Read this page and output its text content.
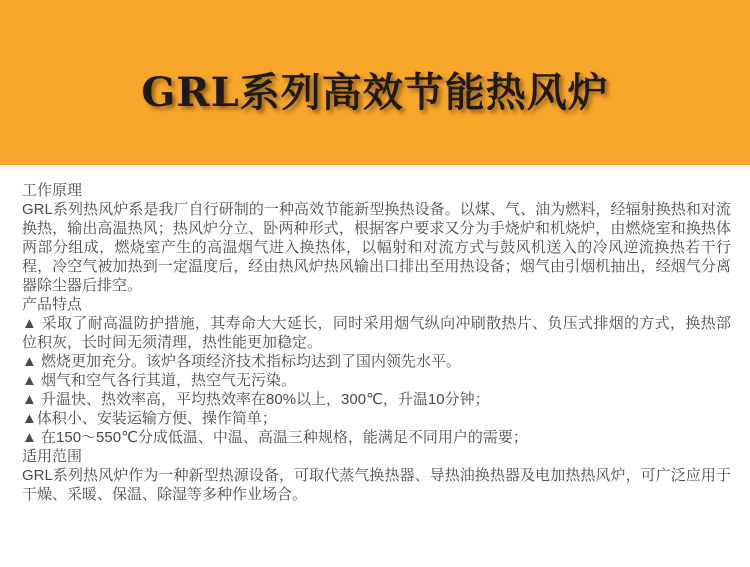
GRL系列高效节能热风炉
工作原理

GRL系列热风炉系是我厂自行研制的一种高效节能新型换热设备。以煤、气、油为燃料，经辐射换热和对流换热，输出高温热风；热风炉分立、卧两种形式，根据客户要求又分为手烧炉和机烧炉，由燃烧室和换热体两部分组成，燃烧室产生的高温烟气进入换热体，以幅射和对流方式与鼓风机送入的冷风逆流换热若干行程，冷空气被加热到一定温度后，经由热风炉热风输出口排出至用热设备；烟气由引烟机抽出，经烟气分离器除尘器后排空。

产品特点

▲ 采取了耐高温防护措施，其寿命大大延长，同时采用烟气纵向冲刷散热片、负压式排烟的方式，换热部位积灰，长时间无须清理，热性能更加稳定。

▲ 燃烧更加充分。该炉各项经济技术指标均达到了国内领先水平。

▲ 烟气和空气各行其道，热空气无污染。

▲ 升温快、热效率高，平均热效率在80%以上，300℃，升温10分钟；

▲体积小、安装运输方便、操作简单；

▲ 在150～550℃分成低温、中温、高温三种规格，能满足不同用户的需要；

适用范围

GRL系列热风炉作为一种新型热源设备，可取代蒸气换热器、导热油换热器及电加热热风炉，可广泛应用于干燥、采暖、保温、除湿等多种作业场合。
